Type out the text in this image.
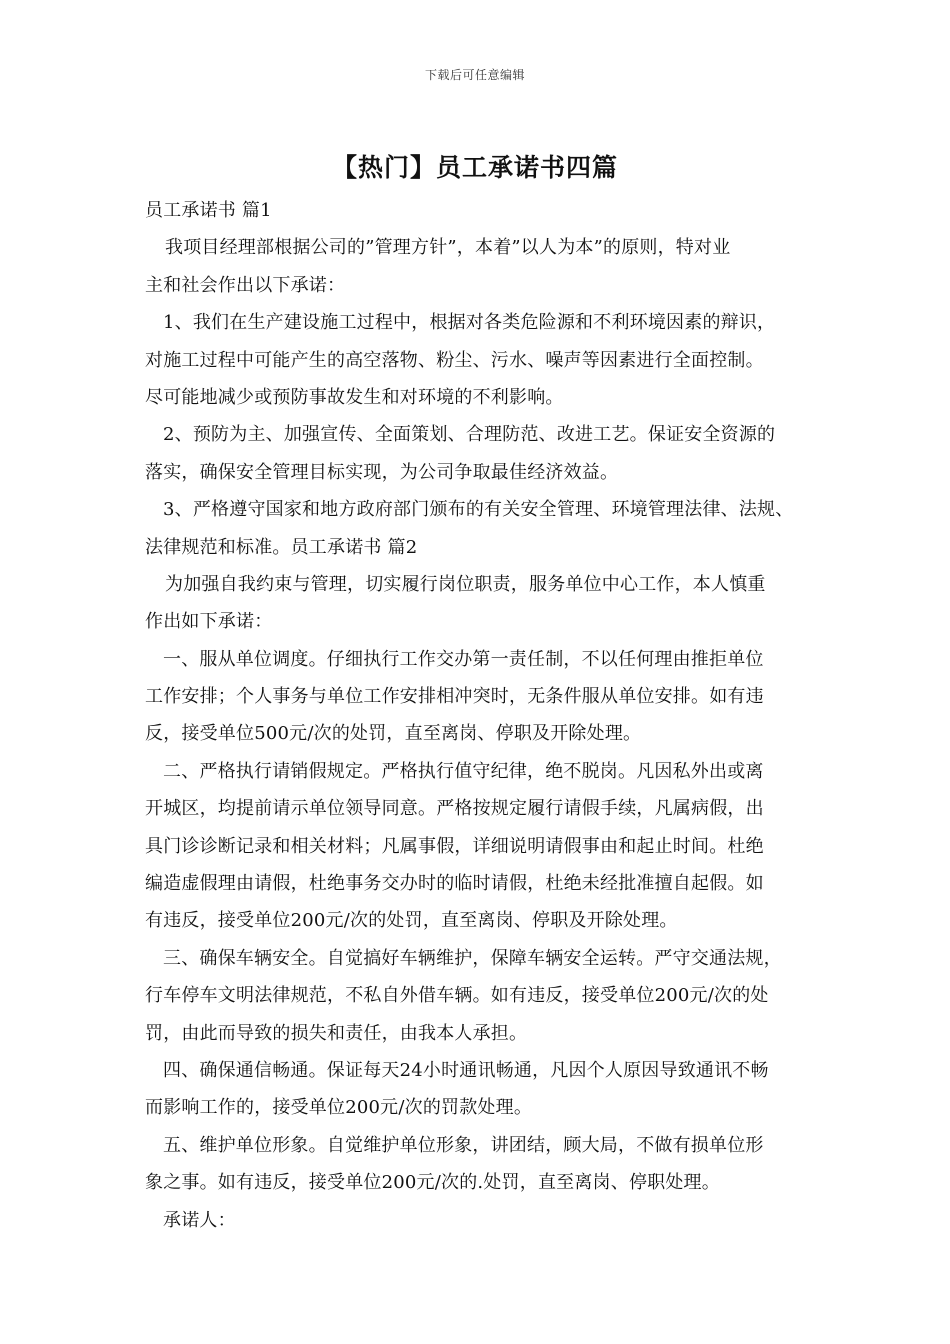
下载后可任意编辑
【热门】员工承诺书四篇
员工承诺书 篇1
我项目经理部根据公司的”管理方针”，本着”以人为本”的原则，特对业
主和社会作出以下承诺：
1、我们在生产建设施工过程中，根据对各类危险源和不利环境因素的辩识，
对施工过程中可能产生的高空落物、粉尘、污水、噪声等因素进行全面控制。
尽可能地减少或预防事故发生和对环境的不利影响。
2、预防为主、加强宣传、全面策划、合理防范、改进工艺。保证安全资源的
落实，确保安全管理目标实现，为公司争取最佳经济效益。
3、严格遵守国家和地方政府部门颁布的有关安全管理、环境管理法律、法规、
法律规范和标准。员工承诺书 篇2
为加强自我约束与管理，切实履行岗位职责，服务单位中心工作，本人慎重
作出如下承诺：
一、服从单位调度。仔细执行工作交办第一责任制，不以任何理由推拒单位
工作安排；个人事务与单位工作安排相冲突时，无条件服从单位安排。如有违
反，接受单位500元/次的处罚，直至离岗、停职及开除处理。
二、严格执行请销假规定。严格执行值守纪律，绝不脱岗。凡因私外出或离
开城区，均提前请示单位领导同意。严格按规定履行请假手续，凡属病假，出
具门诊诊断记录和相关材料；凡属事假，详细说明请假事由和起止时间。杜绝
编造虚假理由请假，杜绝事务交办时的临时请假，杜绝未经批准擅自起假。如
有违反，接受单位200元/次的处罚，直至离岗、停职及开除处理。
三、确保车辆安全。自觉搞好车辆维护，保障车辆安全运转。严守交通法规，
行车停车文明法律规范，不私自外借车辆。如有违反，接受单位200元/次的处
罚，由此而导致的损失和责任，由我本人承担。
四、确保通信畅通。保证每天24小时通讯畅通，凡因个人原因导致通讯不畅
而影响工作的，接受单位200元/次的罚款处理。
五、维护单位形象。自觉维护单位形象，讲团结，顾大局，不做有损单位形
象之事。如有违反，接受单位200元/次的.处罚，直至离岗、停职处理。
承诺人：
